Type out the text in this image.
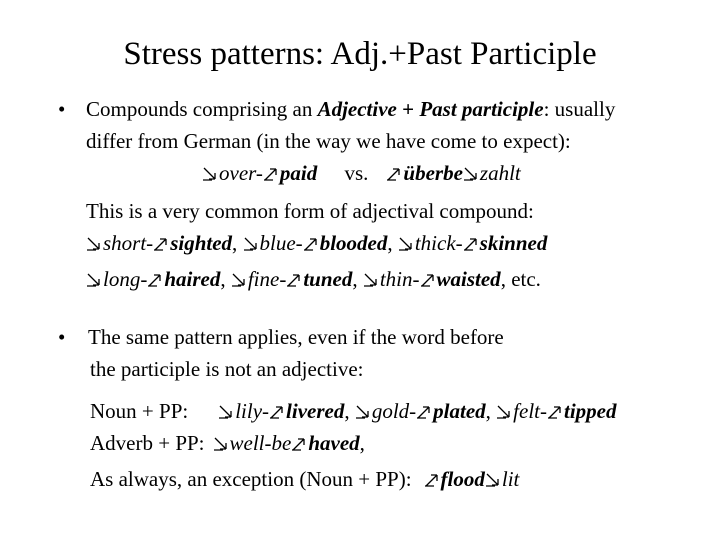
Stress patterns: Adj.+Past Participle
• Compounds comprising an Adjective + Past participle: usually
differ from German (in the way we have come to expect):
over- paid vs. überbe zahlt
This is a very common form of adjectival compound:
short- sighted, blue- blooded, thick- skinned
long- haired, fine- tuned, thin- waisted, etc.
• The same pattern applies, even if the word before
the participle is not an adjective:
Noun + PP: lily- livered, gold- plated, felt- tipped
Adverb + PP: well-be haved,
As always, an exception (Noun + PP): flood lit
